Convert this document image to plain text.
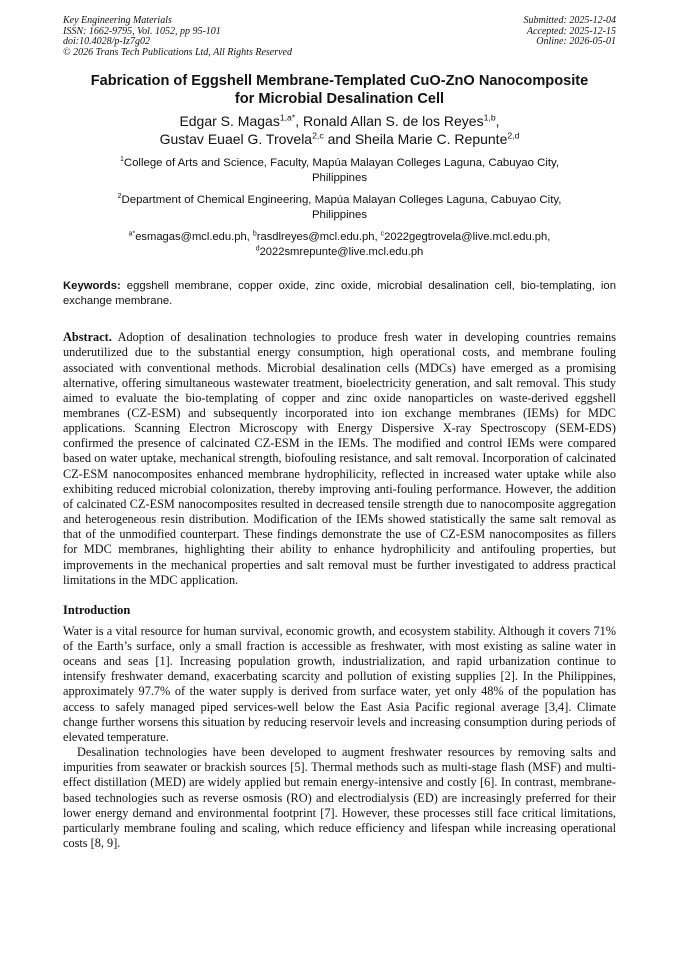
Key Engineering Materials
ISSN: 1662-9795, Vol. 1052, pp 95-101
doi:10.4028/p-Iz7g02
© 2026 Trans Tech Publications Ltd, All Rights Reserved
Submitted: 2025-12-04
Accepted: 2025-12-15
Online: 2026-05-01
Fabrication of Eggshell Membrane-Templated CuO-ZnO Nanocomposite
for Microbial Desalination Cell
Edgar S. Magas$^{1,a*}$, Ronald Allan S. de los Reyes$^{1,b}$,
Gustav Euael G. Trovela$^{2,c}$ and Sheila Marie C. Repunte$^{2,d}$
$^1$College of Arts and Science, Faculty, Mapúa Malayan Colleges Laguna, Cabuyao City,
Philippines
$^2$Department of Chemical Engineering, Mapúa Malayan Colleges Laguna, Cabuyao City,
Philippines
$^{a*}$esmagas@mcl.edu.ph, $^b$rasdlreyes@mcl.edu.ph, $^c$2022gegtrovela@live.mcl.edu.ph,
$^d$2022smrepunte@live.mcl.edu.ph

Keywords: eggshell membrane, copper oxide, zinc oxide, microbial desalination cell, bio-templating, ion exchange membrane.

Abstract. Adoption of desalination technologies to produce fresh water in developing countries remains underutilized due to the substantial energy consumption, high operational costs, and membrane fouling associated with conventional methods. Microbial desalination cells (MDCs) have emerged as a promising alternative, offering simultaneous wastewater treatment, bioelectricity generation, and salt removal. This study aimed to evaluate the bio-templating of copper and zinc oxide nanoparticles on waste-derived eggshell membranes (CZ-ESM) and subsequently incorporated into ion exchange membranes (IEMs) for MDC applications. Scanning Electron Microscopy with Energy Dispersive X-ray Spectroscopy (SEM-EDS) confirmed the presence of calcinated CZ-ESM in the IEMs. The modified and control IEMs were compared based on water uptake, mechanical strength, biofouling resistance, and salt removal. Incorporation of calcinated CZ-ESM nanocomposites enhanced membrane hydrophilicity, reflected in increased water uptake while also exhibiting reduced microbial colonization, thereby improving anti-fouling performance. However, the addition of calcinated CZ-ESM nanocomposites resulted in decreased tensile strength due to nanocomposite aggregation and heterogeneous resin distribution. Modification of the IEMs showed statistically the same salt removal as that of the unmodified counterpart. These findings demonstrate the use of CZ-ESM nanocomposites as fillers for MDC membranes, highlighting their ability to enhance hydrophilicity and antifouling properties, but improvements in the mechanical properties and salt removal must be further investigated to address practical limitations in the MDC application.

Introduction

Water is a vital resource for human survival, economic growth, and ecosystem stability. Although it covers 71% of the Earth’s surface, only a small fraction is accessible as freshwater, with most existing as saline water in oceans and seas [1]. Increasing population growth, industrialization, and rapid urbanization continue to intensify freshwater demand, exacerbating scarcity and pollution of existing supplies [2]. In the Philippines, approximately 97.7% of the water supply is derived from surface water, yet only 48% of the population has access to safely managed piped services-well below the East Asia Pacific regional average [3,4]. Climate change further worsens this situation by reducing reservoir levels and increasing consumption during periods of elevated temperature.

Desalination technologies have been developed to augment freshwater resources by removing salts and impurities from seawater or brackish sources [5]. Thermal methods such as multi-stage flash (MSF) and multi-effect distillation (MED) are widely applied but remain energy-intensive and costly [6]. In contrast, membrane-based technologies such as reverse osmosis (RO) and electrodialysis (ED) are increasingly preferred for their lower energy demand and environmental footprint [7]. However, these processes still face critical limitations, particularly membrane fouling and scaling, which reduce efficiency and lifespan while increasing operational costs [8, 9].
